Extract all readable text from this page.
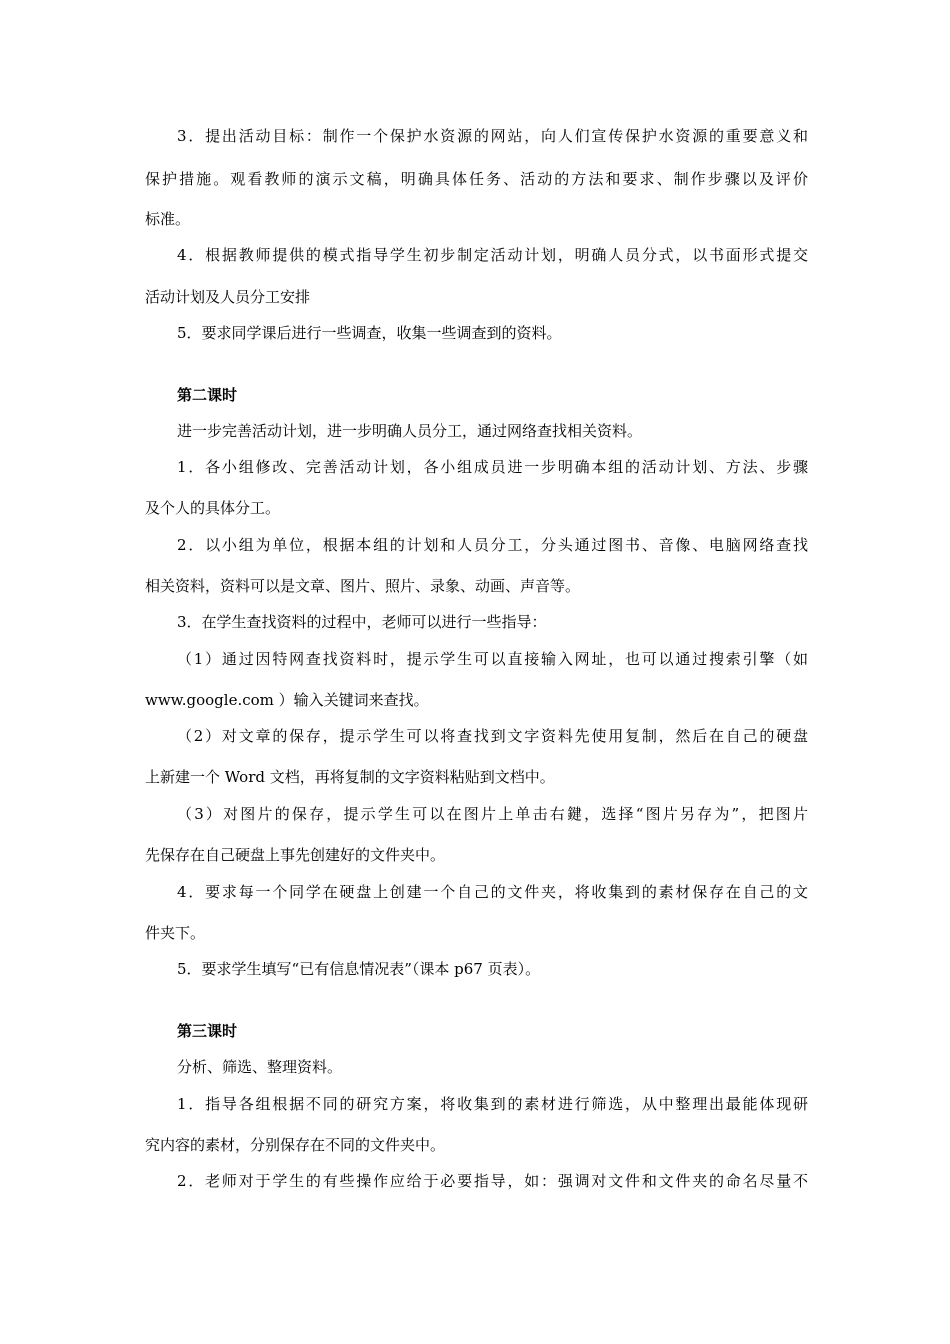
3．提出活动目标：制作一个保护水资源的网站，向人们宣传保护水资源的重要意义和
保护措施。观看教师的演示文稿，明确具体任务、活动的方法和要求、制作步骤以及评价
标准。
4．根据教师提供的模式指导学生初步制定活动计划，明确人员分式，以书面形式提交
活动计划及人员分工安排
5．要求同学课后进行一些调查，收集一些调查到的资料。
第二课时
进一步完善活动计划，进一步明确人员分工，通过网络查找相关资料。
1．各小组修改、完善活动计划，各小组成员进一步明确本组的活动计划、方法、步骤
及个人的具体分工。
2．以小组为单位，根据本组的计划和人员分工，分头通过图书、音像、电脑网络查找
相关资料，资料可以是文章、图片、照片、录象、动画、声音等。
3．在学生查找资料的过程中，老师可以进行一些指导：
（1）通过因特网查找资料时，提示学生可以直接输入网址，也可以通过搜索引擎（如
www.google.com ）输入关键词来查找。
（2）对文章的保存，提示学生可以将查找到文字资料先使用复制，然后在自己的硬盘
上新建一个 Word 文档，再将复制的文字资料粘贴到文档中。
（3）对图片的保存，提示学生可以在图片上单击右鍵，选择“图片另存为”，把图片
先保存在自己硬盘上事先创建好的文件夹中。
4．要求每一个同学在硬盘上创建一个自己的文件夹，将收集到的素材保存在自己的文
件夹下。
5．要求学生填写“已有信息情况表”（课本 p67 页表）。
第三课时
分析、筛选、整理资料。
1．指导各组根据不同的研究方案，将收集到的素材进行筛选，从中整理出最能体现研
究内容的素材，分别保存在不同的文件夹中。
2．老师对于学生的有些操作应给于必要指导，如：强调对文件和文件夹的命名尽量不
